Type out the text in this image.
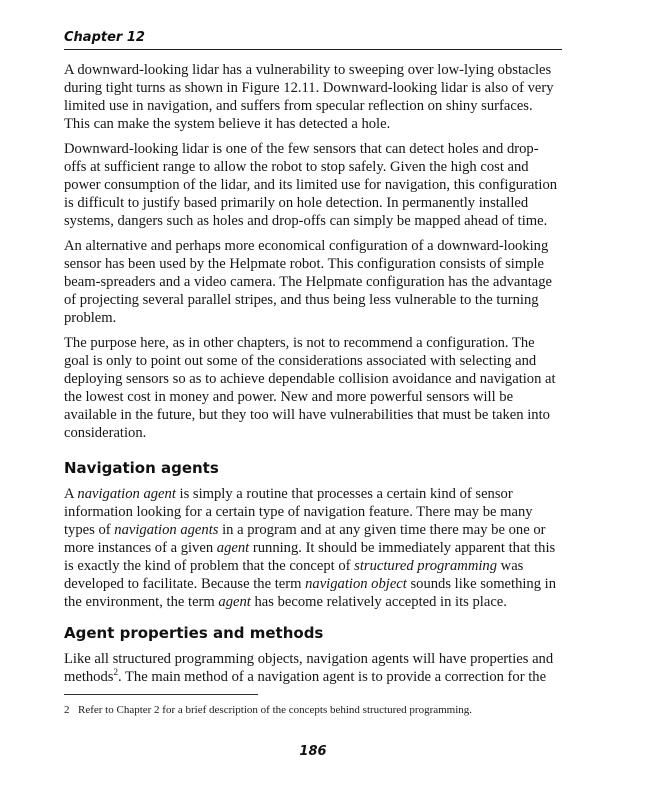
Chapter 12

A downward-looking lidar has a vulnerability to sweeping over low-lying obstacles during tight turns as shown in Figure 12.11. Downward-looking lidar is also of very limited use in navigation, and suffers from specular reflection on shiny surfaces. This can make the system believe it has detected a hole.

Downward-looking lidar is one of the few sensors that can detect holes and drop-offs at sufficient range to allow the robot to stop safely. Given the high cost and power consumption of the lidar, and its limited use for navigation, this configuration is difficult to justify based primarily on hole detection. In permanently installed systems, dangers such as holes and drop-offs can simply be mapped ahead of time.

An alternative and perhaps more economical configuration of a downward-looking sensor has been used by the Helpmate robot. This configuration consists of simple beam-spreaders and a video camera. The Helpmate configuration has the advantage of projecting several parallel stripes, and thus being less vulnerable to the turning problem.

The purpose here, as in other chapters, is not to recommend a configuration. The goal is only to point out some of the considerations associated with selecting and deploying sensors so as to achieve dependable collision avoidance and navigation at the lowest cost in money and power. New and more powerful sensors will be available in the future, but they too will have vulnerabilities that must be taken into consideration.

Navigation agents

A navigation agent is simply a routine that processes a certain kind of sensor information looking for a certain type of navigation feature. There may be many types of navigation agents in a program and at any given time there may be one or more instances of a given agent running. It should be immediately apparent that this is exactly the kind of problem that the concept of structured programming was developed to facilitate. Because the term navigation object sounds like something in the environment, the term agent has become relatively accepted in its place.

Agent properties and methods

Like all structured programming objects, navigation agents will have properties and methods$^2$. The main method of a navigation agent is to provide a correction for the

2 Refer to Chapter 2 for a brief description of the concepts behind structured programming.
186
